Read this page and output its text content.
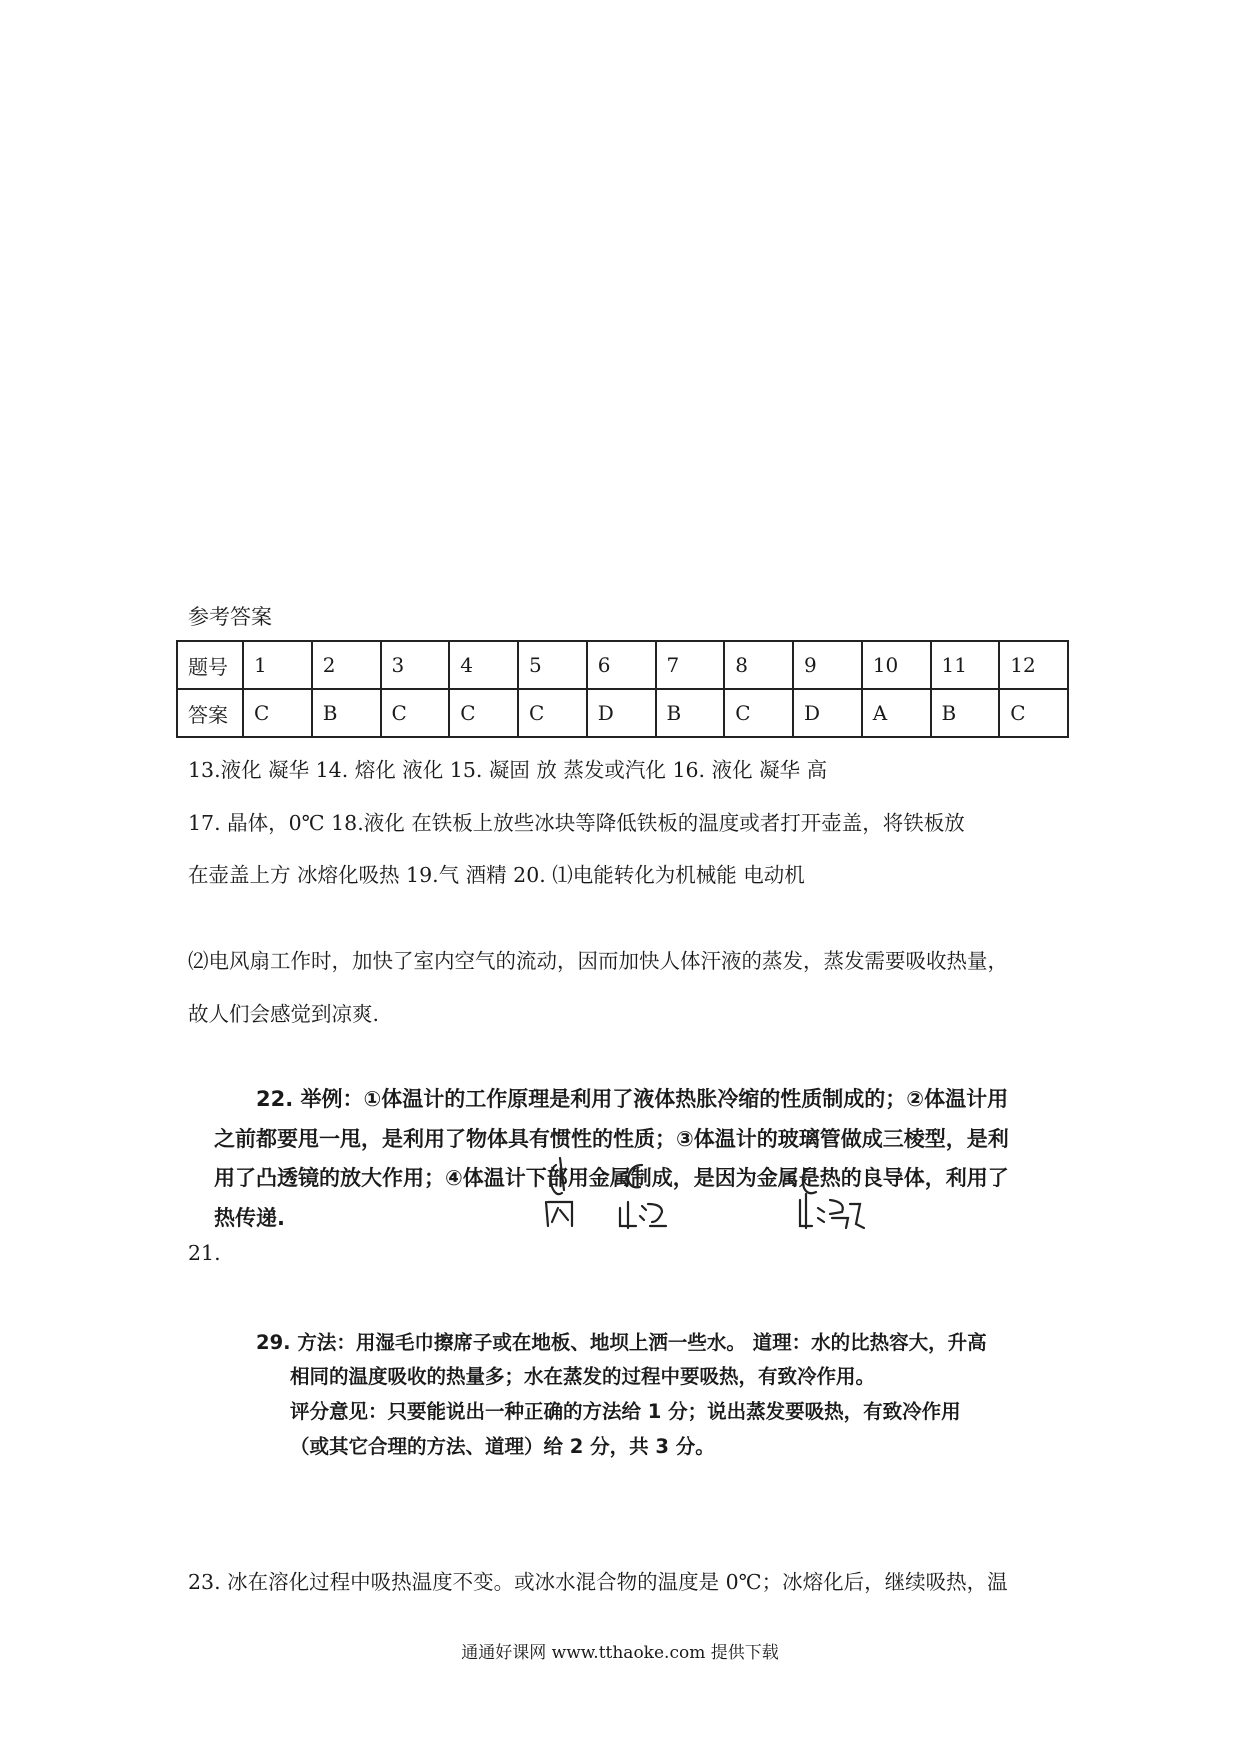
参考答案
题号	1	2	3	4	5	6	7	8	9	10	11	12
答案	C	B	C	C	C	D	B	C	D	A	B	C
13.液化 凝华 14. 熔化 液化 15. 凝固 放 蒸发或汽化 16. 液化 凝华 高
17. 晶体，0℃ 18.液化 在铁板上放些冰块等降低铁板的温度或者打开壶盖，将铁板放
在壶盖上方 冰熔化吸热 19.气 酒精 20. ⑴电能转化为机械能 电动机
⑵电风扇工作时，加快了室内空气的流动，因而加快人体汗液的蒸发，蒸发需要吸收热量，
故人们会感觉到凉爽.
22. 举例：①体温计的工作原理是利用了液体热胀冷缩的性质制成的；②体温计用
之前都要甩一甩，是利用了物体具有惯性的性质；③体温计的玻璃管做成三棱型，是利
用了凸透镜的放大作用；④体温计下部用金属制成，是因为金属是热的良导体，利用了
热传递.
21.
29. 方法：用湿毛巾擦席子或在地板、地坝上洒一些水。 道理：水的比热容大，升高
相同的温度吸收的热量多；水在蒸发的过程中要吸热，有致冷作用。
评分意见：只要能说出一种正确的方法给 1 分；说出蒸发要吸热，有致冷作用
（或其它合理的方法、道理）给 2 分，共 3 分。
23. 冰在溶化过程中吸热温度不变。或冰水混合物的温度是 0℃；冰熔化后，继续吸热，温
通通好课网 www.tthaoke.com 提供下载
